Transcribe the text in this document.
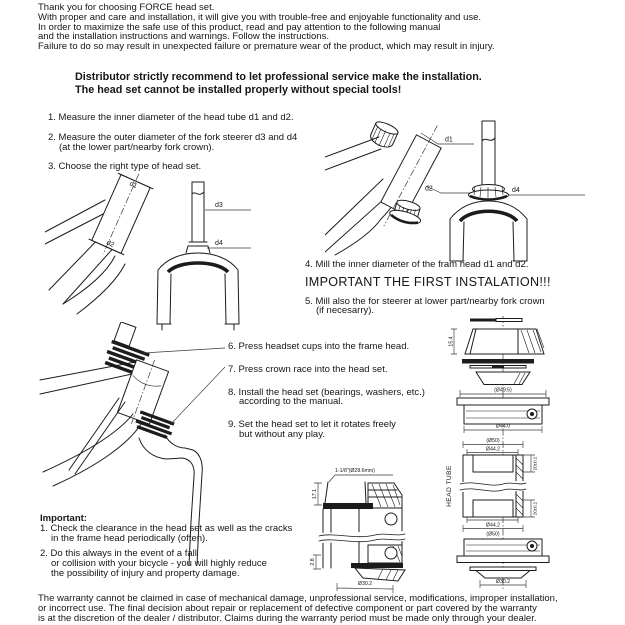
Thank you for choosing FORCE head set.
With proper and care and installation, it will give you with trouble-free and enjoyable functionality and use.
In order to maximize the safe use of this product, read and pay attention to the following manual
and the installation instructions and warnings. Follow the instructions.
Failure to do so may result in unexpected failure or premature wear of the product, which may result in injury.
Distributor strictly recommend to let professional service make the installation.
The head set cannot be installed properly without special tools!
1. Measure the inner diameter of the head tube d1 and d2.
2. Measure the outer diameter of the fork steerer d3 and d4
(at the lower part/nearby fork crown).
3. Choose the right type of head set.
4. Mill the inner diameter of the fram head d1 and d2.
IMPORTANT THE FIRST INSTALATION!!!
5. Mill also the for steerer at lower part/nearby fork crown
(if necesarry).
6. Press headset cups into the frame head.
7. Press crown race into the head set.
8. Install the head set (bearings, washers, etc.)
according to the manual.
9. Set the head set to let it rotates freely
but without any play.
Important:
1. Check the clearance in the head set as well as the cracks
in the frame head periodically (often).
2. Do this always in the event of a fall
or collision with your bicycle - you will highly reduce
the possibility of injury and property damage.
The warranty cannot be claimed in case of mechanical damage, unprofessional service, modifications, improper installation,
or incorrect use. The final decision about repair or replacement of defective component or part covered by the warranty
is at the discretion of the dealer / distributor. Claims during the warranty period must be made only through your dealer.
d1
d2
d3
d4
d1
d2	d4
15.4
(Ø49.5)
Ø44.0
(Ø50)
Ø44.2
20±0.2
20±0.2
HEAD TUBE
Ø44.2
(Ø50)
Ø30.2
1-1/8"(Ø28.6mm)
17.1
2.8
Ø30.2
